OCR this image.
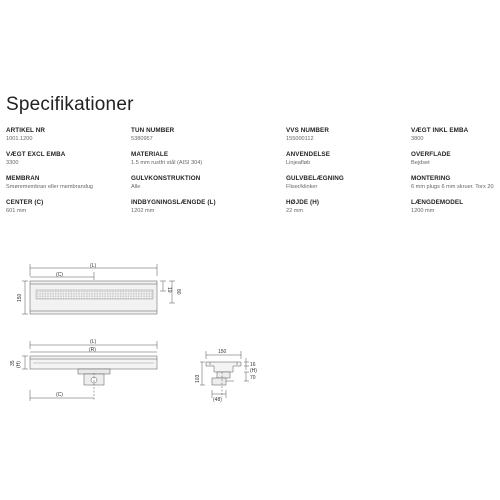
Specifikationer
ARTIKEL NR
1001.1200
TUN NUMBER
5380957
VVS NUMBER
155000112
VÆGT INKL EMBA
3800
VÆGT EXCL EMBA
3300
MATERIALE
1.5 mm rustfri stål (AISI 304)
ANVENDELSE
Linjeafløb
OVERFLADE
Bejdset
MEMBRAN
Smøremembran eller membrandug
GULVKONSTRUKTION
Alle
GULVBELÆGNING
Fliser/klinker
MONTERING
6 mm plugs 6 mm skruer. Torx 20
CENTER (C)
601 mm
INDBYGNINGSLÆNGDE (L)
1202 mm
HØJDE (H)
22 mm
LÆNGDEMODEL
1200 mm
(L)
(C)
150
19 80
(L)
(R)
(C)
(H)
35
150
16
(H)
70
103
(48)
